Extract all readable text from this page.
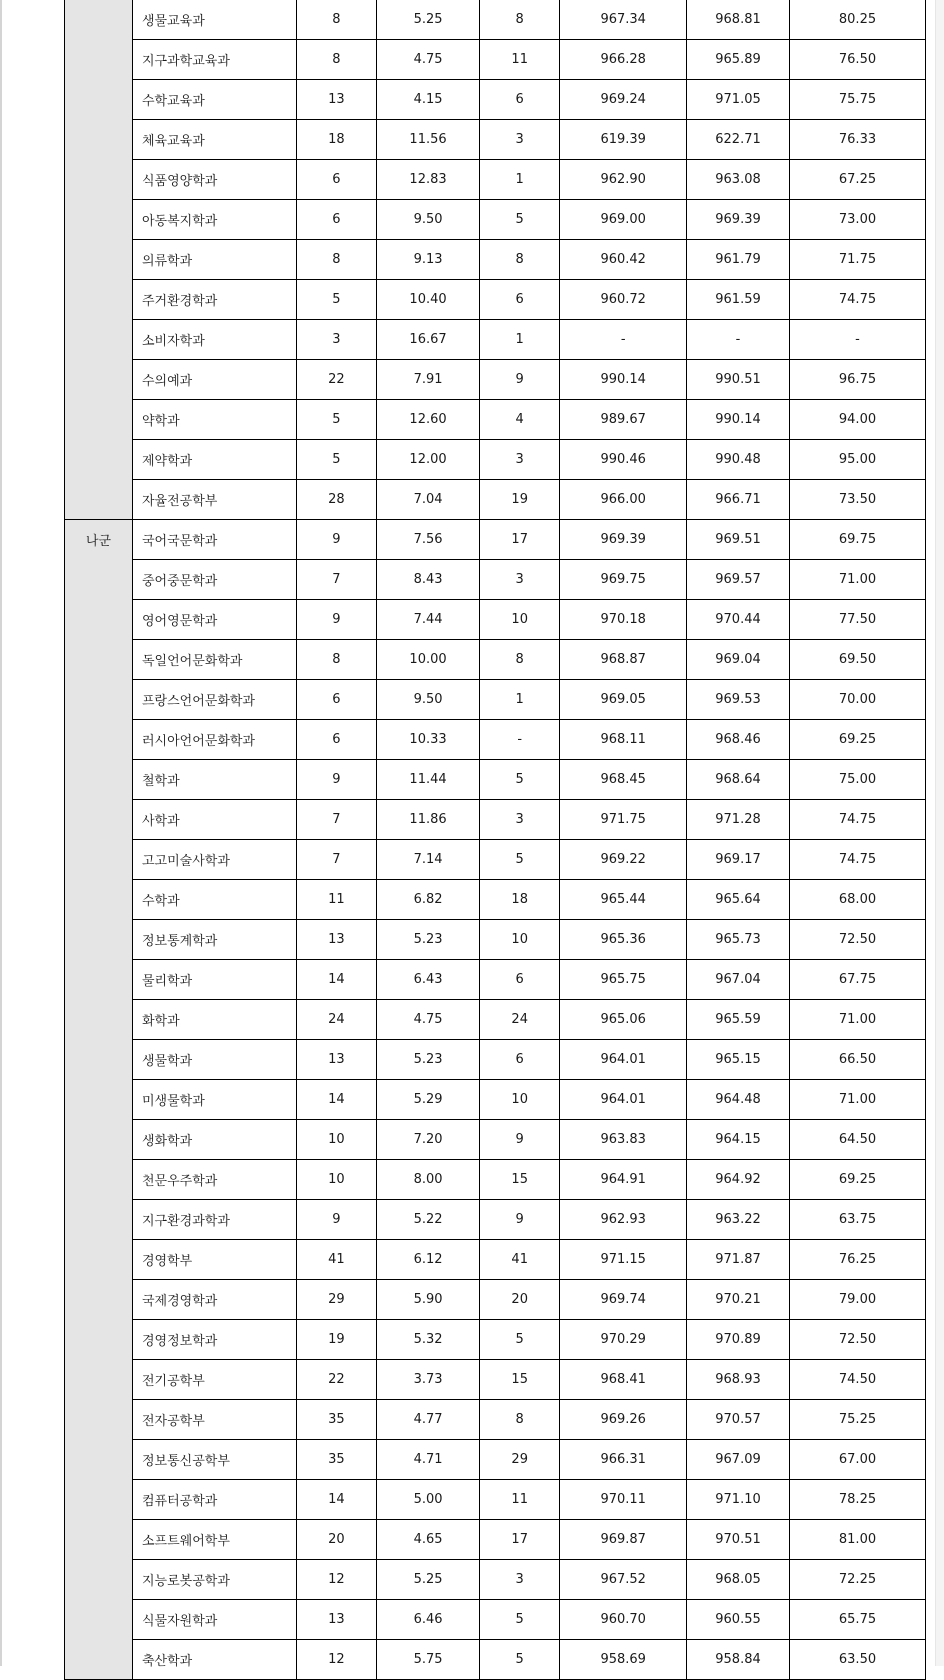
	생물교육과	8	5.25	8	967.34	968.81	80.25
	지구과학교육과	8	4.75	11	966.28	965.89	76.50
	수학교육과	13	4.15	6	969.24	971.05	75.75
	체육교육과	18	11.56	3	619.39	622.71	76.33
	식품영양학과	6	12.83	1	962.90	963.08	67.25
	아동복지학과	6	9.50	5	969.00	969.39	73.00
	의류학과	8	9.13	8	960.42	961.79	71.75
	주거환경학과	5	10.40	6	960.72	961.59	74.75
	소비자학과	3	16.67	1	-	-	-
	수의예과	22	7.91	9	990.14	990.51	96.75
	약학과	5	12.60	4	989.67	990.14	94.00
	제약학과	5	12.00	3	990.46	990.48	95.00
	자율전공학부	28	7.04	19	966.00	966.71	73.50
나군	국어국문학과	9	7.56	17	969.39	969.51	69.75
	중어중문학과	7	8.43	3	969.75	969.57	71.00
	영어영문학과	9	7.44	10	970.18	970.44	77.50
	독일언어문화학과	8	10.00	8	968.87	969.04	69.50
	프랑스언어문화학과	6	9.50	1	969.05	969.53	70.00
	러시아언어문화학과	6	10.33	-	968.11	968.46	69.25
	철학과	9	11.44	5	968.45	968.64	75.00
	사학과	7	11.86	3	971.75	971.28	74.75
	고고미술사학과	7	7.14	5	969.22	969.17	74.75
	수학과	11	6.82	18	965.44	965.64	68.00
	정보통계학과	13	5.23	10	965.36	965.73	72.50
	물리학과	14	6.43	6	965.75	967.04	67.75
	화학과	24	4.75	24	965.06	965.59	71.00
	생물학과	13	5.23	6	964.01	965.15	66.50
	미생물학과	14	5.29	10	964.01	964.48	71.00
	생화학과	10	7.20	9	963.83	964.15	64.50
	천문우주학과	10	8.00	15	964.91	964.92	69.25
	지구환경과학과	9	5.22	9	962.93	963.22	63.75
	경영학부	41	6.12	41	971.15	971.87	76.25
	국제경영학과	29	5.90	20	969.74	970.21	79.00
	경영정보학과	19	5.32	5	970.29	970.89	72.50
	전기공학부	22	3.73	15	968.41	968.93	74.50
	전자공학부	35	4.77	8	969.26	970.57	75.25
	정보통신공학부	35	4.71	29	966.31	967.09	67.00
	컴퓨터공학과	14	5.00	11	970.11	971.10	78.25
	소프트웨어학부	20	4.65	17	969.87	970.51	81.00
	지능로봇공학과	12	5.25	3	967.52	968.05	72.25
	식물자원학과	13	6.46	5	960.70	960.55	65.75
	축산학과	12	5.75	5	958.69	958.84	63.50
